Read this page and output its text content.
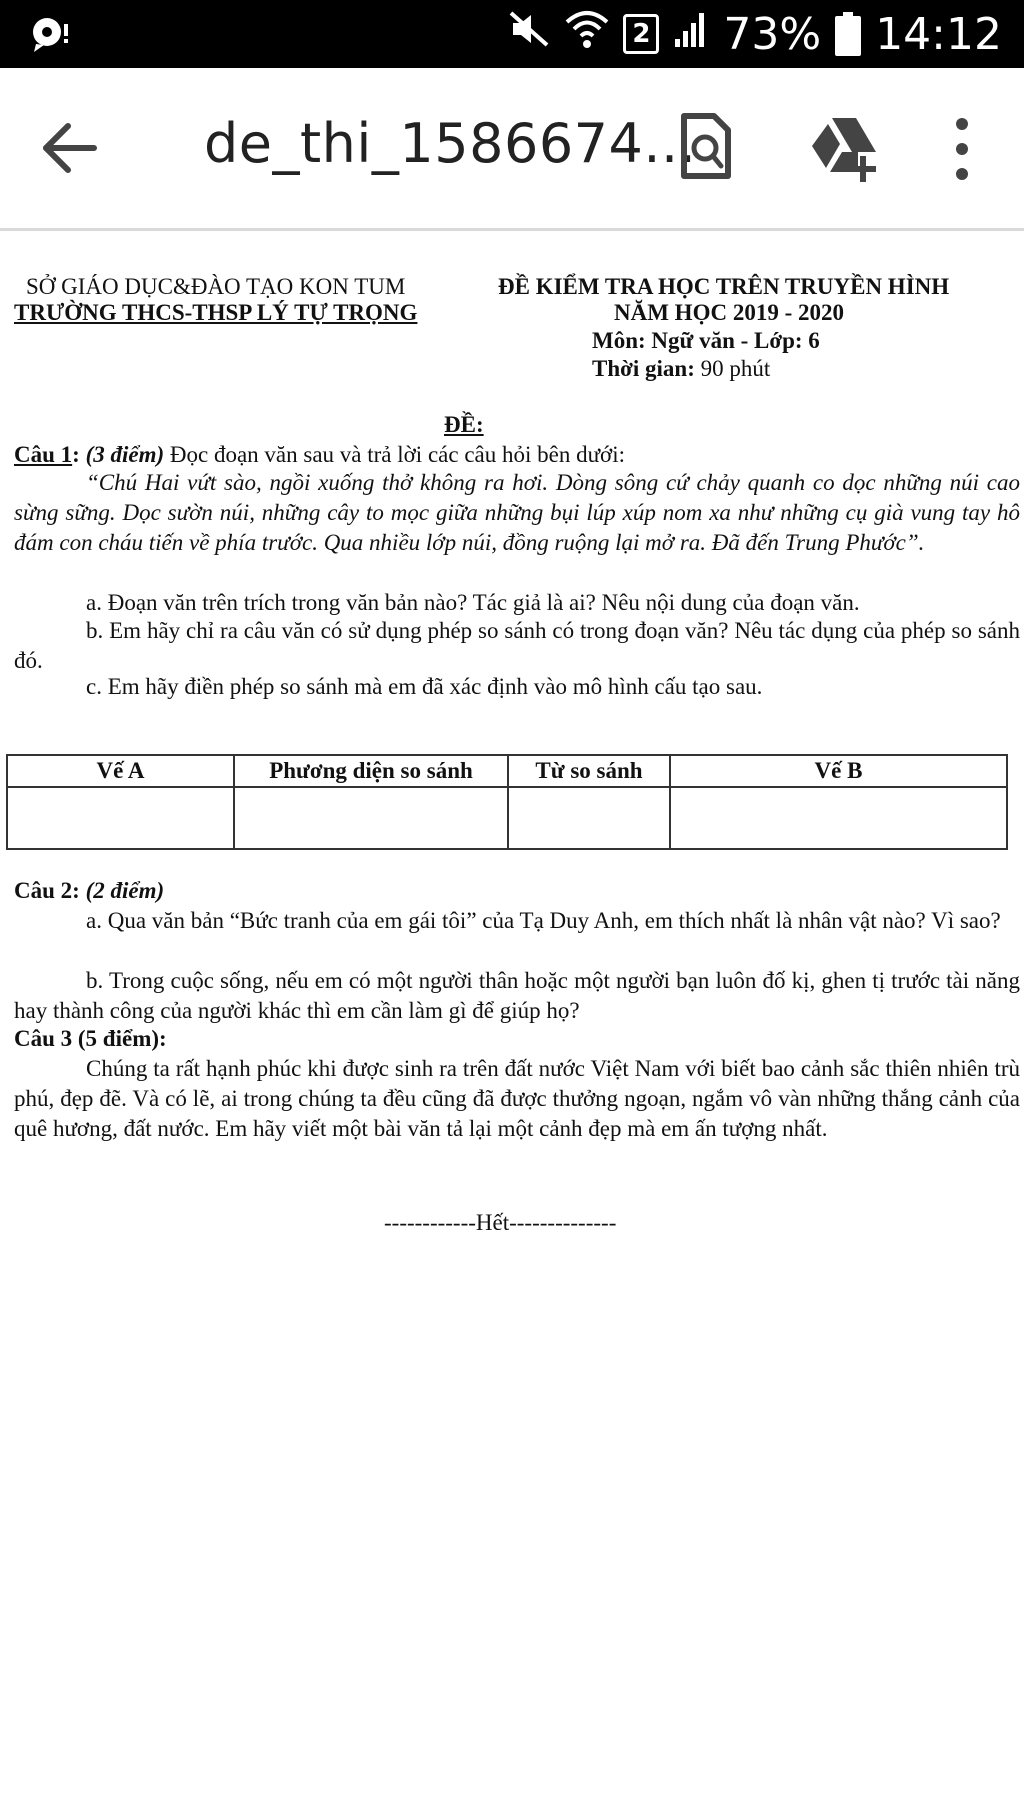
2 73% 14:12
de_thi_1586674...
SỞ GIÁO DỤC&ĐÀO TẠO KON TUM
TRƯỜNG THCS-THSP LÝ TỰ TRỌNG
ĐỀ KIỂM TRA HỌC TRÊN TRUYỀN HÌNH
NĂM HỌC 2019 - 2020
Môn: Ngữ văn - Lớp: 6
Thời gian: 90 phút
ĐỀ:
Câu 1: (3 điểm) Đọc đoạn văn sau và trả lời các câu hỏi bên dưới:
“Chú Hai vứt sào, ngồi xuống thở không ra hơi. Dòng sông cứ chảy quanh co dọc những núi cao sừng sững. Dọc sườn núi, những cây to mọc giữa những bụi lúp xúp nom xa như những cụ già vung tay hô đám con cháu tiến về phía trước. Qua nhiều lớp núi, đồng ruộng lại mở ra. Đã đến Trung Phước”.
a. Đoạn văn trên trích trong văn bản nào? Tác giả là ai? Nêu nội dung của đoạn văn.
b. Em hãy chỉ ra câu văn có sử dụng phép so sánh có trong đoạn văn? Nêu tác dụng của phép so sánh đó.
c. Em hãy điền phép so sánh mà em đã xác định vào mô hình cấu tạo sau.
Vế A	Phương diện so sánh	Từ so sánh	Vế B

Câu 2: (2 điểm)
a. Qua văn bản “Bức tranh của em gái tôi” của Tạ Duy Anh, em thích nhất là nhân vật nào? Vì sao?
b. Trong cuộc sống, nếu em có một người thân hoặc một người bạn luôn đố kị, ghen tị trước tài năng hay thành công của người khác thì em cần làm gì để giúp họ?
Câu 3 (5 điểm):
Chúng ta rất hạnh phúc khi được sinh ra trên đất nước Việt Nam với biết bao cảnh sắc thiên nhiên trù phú, đẹp đẽ. Và có lẽ, ai trong chúng ta đều cũng đã được thưởng ngoạn, ngắm vô vàn những thắng cảnh của quê hương, đất nước. Em hãy viết một bài văn tả lại một cảnh đẹp mà em ấn tượng nhất.
------------Hết--------------
